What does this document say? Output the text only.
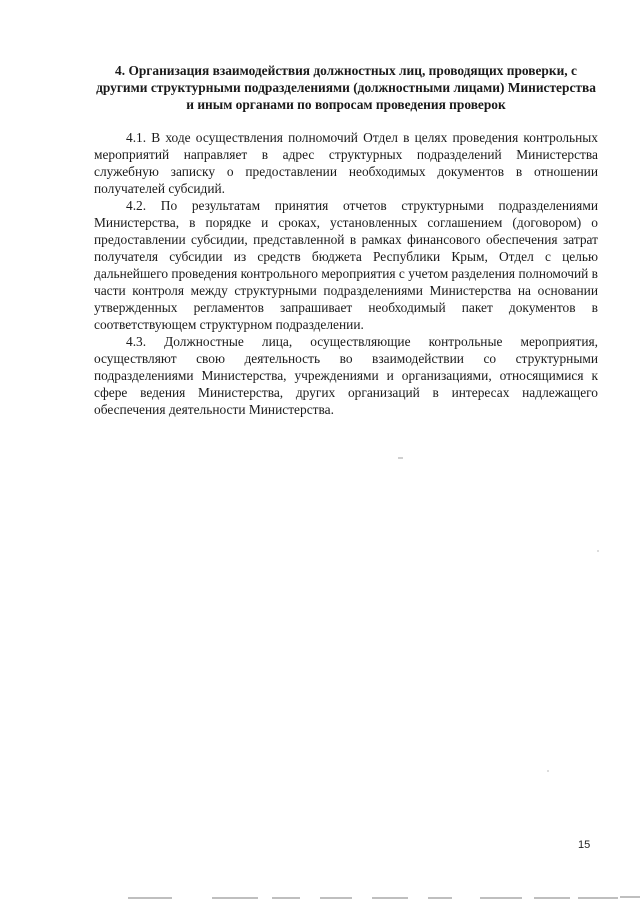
4. Организация взаимодействия должностных лиц, проводящих проверки, с другими структурными подразделениями (должностными лицами) Министерства и иным органами по вопросам проведения проверок

4.1. В ходе осуществления полномочий Отдел в целях проведения контрольных мероприятий направляет в адрес структурных подразделений Министерства служебную записку о предоставлении необходимых документов в отношении получателей субсидий.

4.2. По результатам принятия отчетов структурными подразделениями Министерства, в порядке и сроках, установленных соглашением (договором) о предоставлении субсидии, представленной в рамках финансового обеспечения затрат получателя субсидии из средств бюджета Республики Крым, Отдел с целью дальнейшего проведения контрольного мероприятия с учетом разделения полномочий в части контроля между структурными подразделениями Министерства на основании утвержденных регламентов запрашивает необходимый пакет документов в соответствующем структурном подразделении.

4.3. Должностные лица, осуществляющие контрольные мероприятия, осуществляют свою деятельность во взаимодействии со структурными подразделениями Министерства, учреждениями и организациями, относящимися к сфере ведения Министерства, других организаций в интересах надлежащего обеспечения деятельности Министерства.

15
